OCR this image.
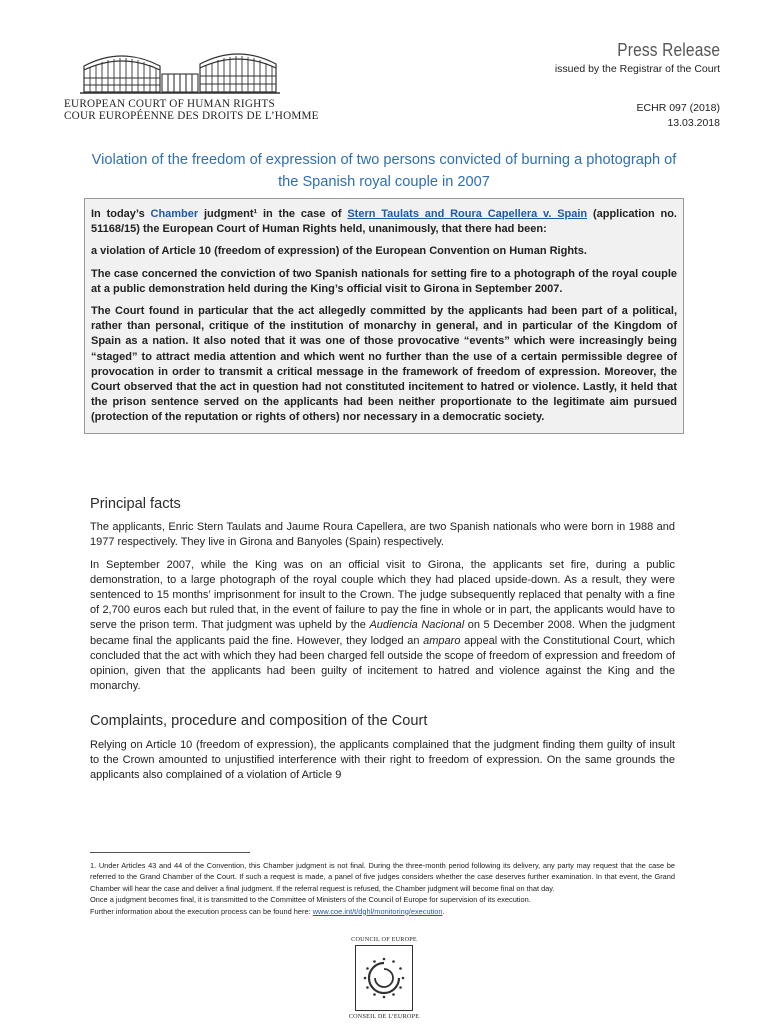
EUROPEAN COURT OF HUMAN RIGHTS
COUR EUROPÉENNE DES DROITS DE L’HOMME
Press Release
issued by the Registrar of the Court
ECHR 097 (2018)
13.03.2018
Violation of the freedom of expression of two persons convicted of burning a photograph of the Spanish royal couple in 2007

In today’s Chamber judgment¹ in the case of Stern Taulats and Roura Capellera v. Spain (application no. 51168/15) the European Court of Human Rights held, unanimously, that there had been:

a violation of Article 10 (freedom of expression) of the European Convention on Human Rights.

The case concerned the conviction of two Spanish nationals for setting fire to a photograph of the royal couple at a public demonstration held during the King’s official visit to Girona in September 2007.

The Court found in particular that the act allegedly committed by the applicants had been part of a political, rather than personal, critique of the institution of monarchy in general, and in particular of the Kingdom of Spain as a nation. It also noted that it was one of those provocative “events” which were increasingly being “staged” to attract media attention and which went no further than the use of a certain permissible degree of provocation in order to transmit a critical message in the framework of freedom of expression. Moreover, the Court observed that the act in question had not constituted incitement to hatred or violence. Lastly, it held that the prison sentence served on the applicants had been neither proportionate to the legitimate aim pursued (protection of the reputation or rights of others) nor necessary in a democratic society.

Principal facts

The applicants, Enric Stern Taulats and Jaume Roura Capellera, are two Spanish nationals who were born in 1988 and 1977 respectively. They live in Girona and Banyoles (Spain) respectively.

In September 2007, while the King was on an official visit to Girona, the applicants set fire, during a public demonstration, to a large photograph of the royal couple which they had placed upside-down. As a result, they were sentenced to 15 months’ imprisonment for insult to the Crown. The judge subsequently replaced that penalty with a fine of 2,700 euros each but ruled that, in the event of failure to pay the fine in whole or in part, the applicants would have to serve the prison term. That judgment was upheld by the Audiencia Nacional on 5 December 2008. When the judgment became final the applicants paid the fine. However, they lodged an amparo appeal with the Constitutional Court, which concluded that the act with which they had been charged fell outside the scope of freedom of expression and freedom of opinion, given that the applicants had been guilty of incitement to hatred and violence against the King and the monarchy.

Complaints, procedure and composition of the Court

Relying on Article 10 (freedom of expression), the applicants complained that the judgment finding them guilty of insult to the Crown amounted to unjustified interference with their right to freedom of expression. On the same grounds the applicants also complained of a violation of Article 9

1. Under Articles 43 and 44 of the Convention, this Chamber judgment is not final. During the three-month period following its delivery, any party may request that the case be referred to the Grand Chamber of the Court. If such a request is made, a panel of five judges considers whether the case deserves further examination. In that event, the Grand Chamber will hear the case and deliver a final judgment. If the referral request is refused, the Chamber judgment will become final on that day.

Once a judgment becomes final, it is transmitted to the Committee of Ministers of the Council of Europe for supervision of its execution.

Further information about the execution process can be found here: www.coe.int/t/dghl/monitoring/execution.

COUNCIL OF EUROPE
CONSEIL DE L’EUROPE
